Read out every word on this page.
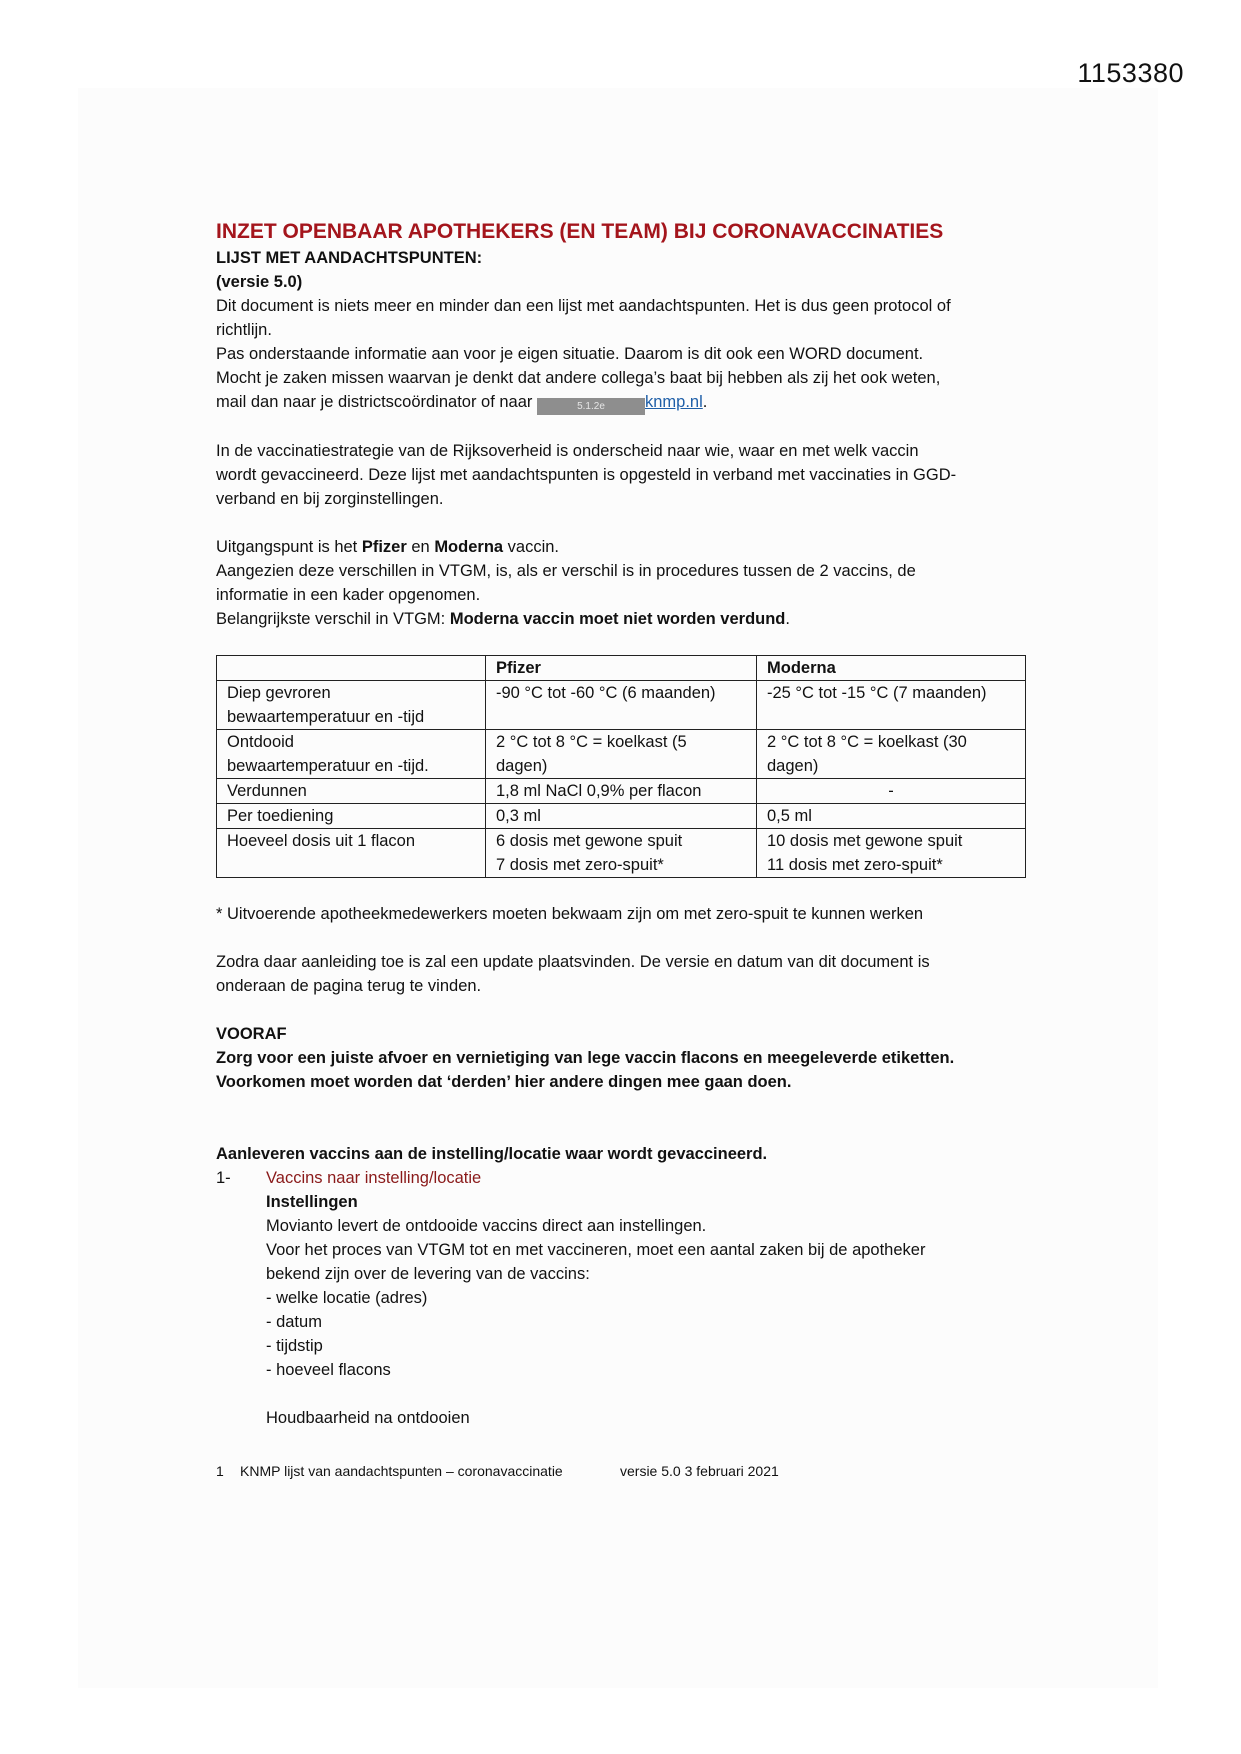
1153380
INZET OPENBAAR APOTHEKERS (EN TEAM) BIJ CORONAVACCINATIES

LIJST MET AANDACHTSPUNTEN:

(versie 5.0)

Dit document is niets meer en minder dan een lijst met aandachtspunten. Het is dus geen protocol of

richtlijn.

Pas onderstaande informatie aan voor je eigen situatie. Daarom is dit ook een WORD document.

Mocht je zaken missen waarvan je denkt dat andere collega’s baat bij hebben als zij het ook weten,

mail dan naar je districtscoördinator of naar	5.1.2e knmp.nl.

In de vaccinatiestrategie van de Rijksoverheid is onderscheid naar wie, waar en met welk vaccin

wordt gevaccineerd. Deze lijst met aandachtspunten is opgesteld in verband met vaccinaties in GGD-

verband en bij zorginstellingen.

Uitgangspunt is het Pfizer en Moderna vaccin.

Aangezien deze verschillen in VTGM, is, als er verschil is in procedures tussen de 2 vaccins, de

informatie in een kader opgenomen.

Belangrijkste verschil in VTGM: Moderna vaccin moet niet worden verdund.

	Pfizer	Moderna

Diep gevroren
bewaartemperatuur en -tijd	-90 °C tot -60 °C (6 maanden)	-25 °C tot -15 °C (7 maanden)

Ontdooid
bewaartemperatuur en -tijd.	2 °C tot 8 °C = koelkast (5
dagen)	2 °C tot 8 °C = koelkast (30
dagen)

Verdunnen	1,8 ml NaCl 0,9% per flacon	-

Per toediening	0,3 ml	0,5 ml

Hoeveel dosis uit 1 flacon	6 dosis met gewone spuit
7 dosis met zero-spuit*	10 dosis met gewone spuit
11 dosis met zero-spuit*

* Uitvoerende apotheekmedewerkers moeten bekwaam zijn om met zero-spuit te kunnen werken

Zodra daar aanleiding toe is zal een update plaatsvinden. De versie en datum van dit document is

onderaan de pagina terug te vinden.

VOORAF

Zorg voor een juiste afvoer en vernietiging van lege vaccin flacons en meegeleverde etiketten.

Voorkomen moet worden dat ‘derden’ hier andere dingen mee gaan doen.

Aanleveren vaccins aan de instelling/locatie waar wordt gevaccineerd.

1- Vaccins naar instelling/locatie

Instellingen

Movianto levert de ontdooide vaccins direct aan instellingen.

Voor het proces van VTGM tot en met vaccineren, moet een aantal zaken bij de apotheker

bekend zijn over de levering van de vaccins:

- welke locatie (adres)

- datum

- tijdstip

- hoeveel flacons

Houdbaarheid na ontdooien

1 KNMP lijst van aandachtspunten – coronavaccinatie	versie 5.0 3 februari 2021
